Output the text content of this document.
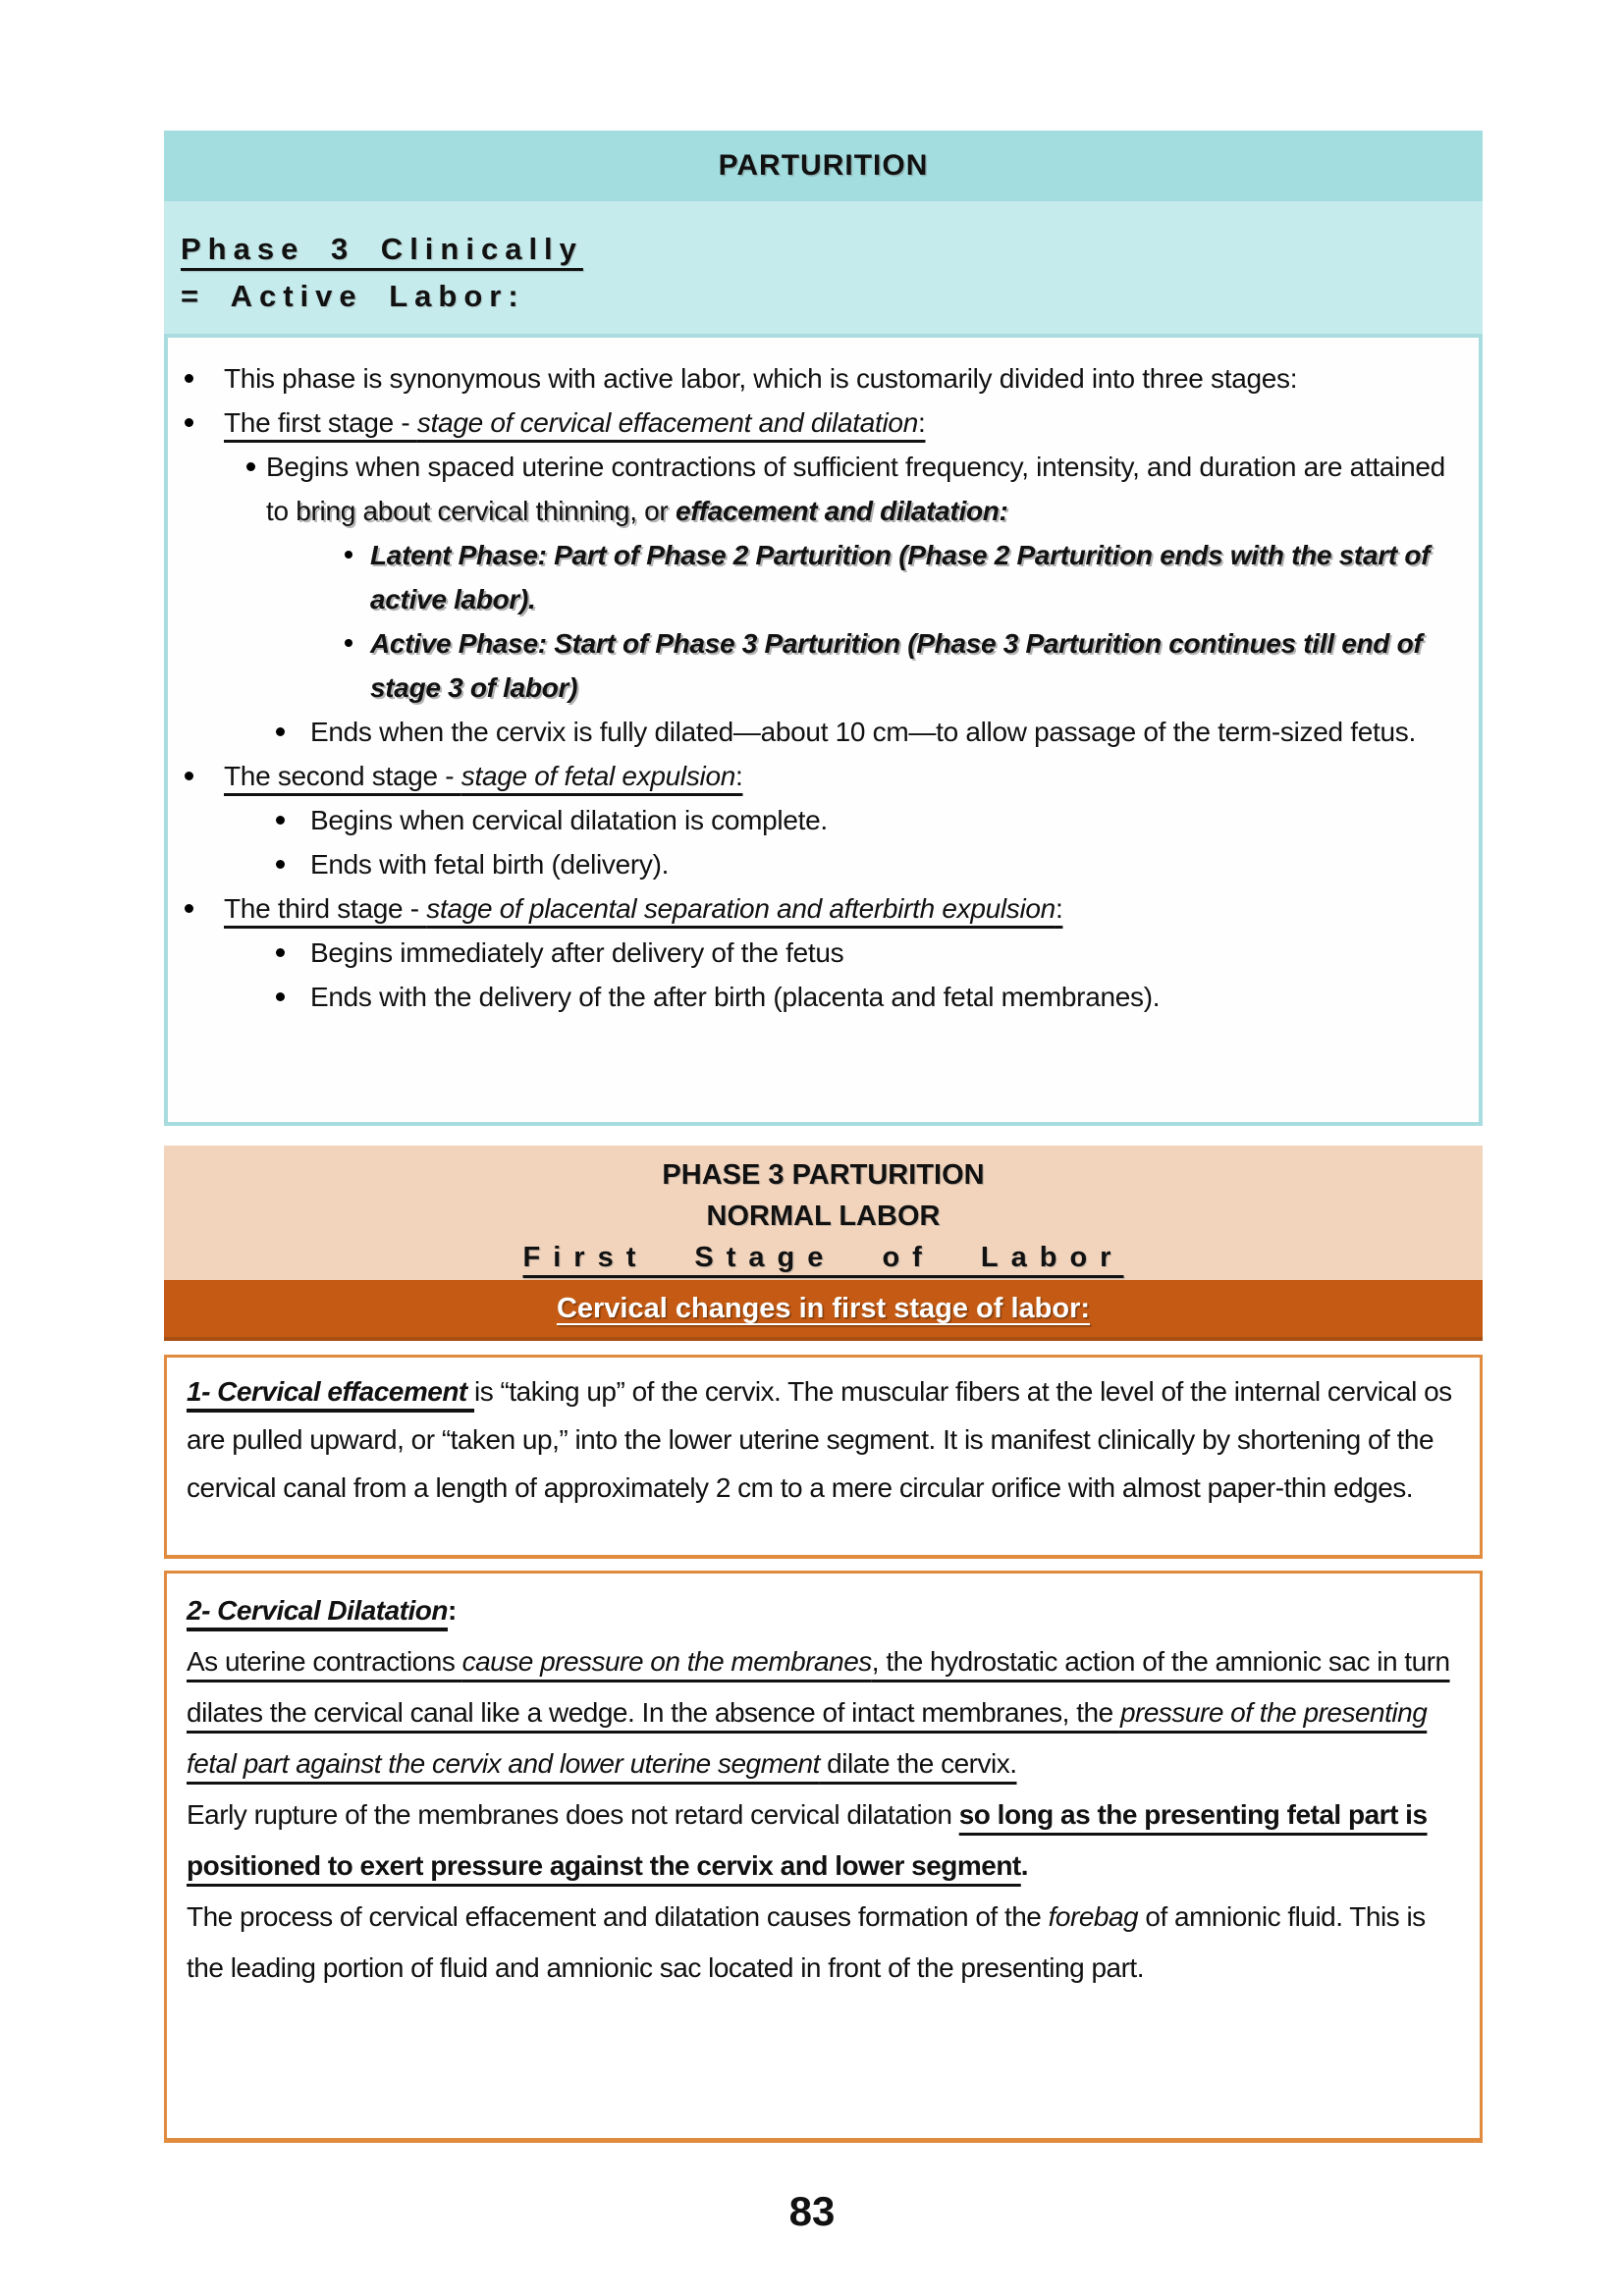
PARTURITION
Phase 3 Clinically
= Active Labor:
This phase is synonymous with active labor, which is customarily divided into three stages:
The first stage - stage of cervical effacement and dilatation:
Begins when spaced uterine contractions of sufficient frequency, intensity, and duration are attained to bring about cervical thinning, or effacement and dilatation:
Latent Phase: Part of Phase 2 Parturition (Phase 2 Parturition ends with the start of active labor).
Active Phase: Start of Phase 3 Parturition (Phase 3 Parturition continues till end of stage 3 of labor)
Ends when the cervix is fully dilated—about 10 cm—to allow passage of the term-sized fetus.
The second stage - stage of fetal expulsion:
Begins when cervical dilatation is complete.
Ends with fetal birth (delivery).
The third stage - stage of placental separation and afterbirth expulsion:
Begins immediately after delivery of the fetus
Ends with the delivery of the after birth (placenta and fetal membranes).
PHASE 3 PARTURITION
NORMAL LABOR
First Stage of Labor
Cervical changes in first stage of labor:

1- Cervical effacement is “taking up” of the cervix. The muscular fibers at the level of the internal cervical os are pulled upward, or “taken up,” into the lower uterine segment. It is manifest clinically by shortening of the cervical canal from a length of approximately 2 cm to a mere circular orifice with almost paper-thin edges.

2- Cervical Dilatation:

As uterine contractions cause pressure on the membranes, the hydrostatic action of the amnionic sac in turn dilates the cervical canal like a wedge. In the absence of intact membranes, the pressure of the presenting fetal part against the cervix and lower uterine segment dilate the cervix.

Early rupture of the membranes does not retard cervical dilatation so long as the presenting fetal part is positioned to exert pressure against the cervix and lower segment.

The process of cervical effacement and dilatation causes formation of the forebag of amnionic fluid. This is the leading portion of fluid and amnionic sac located in front of the presenting part.

83
